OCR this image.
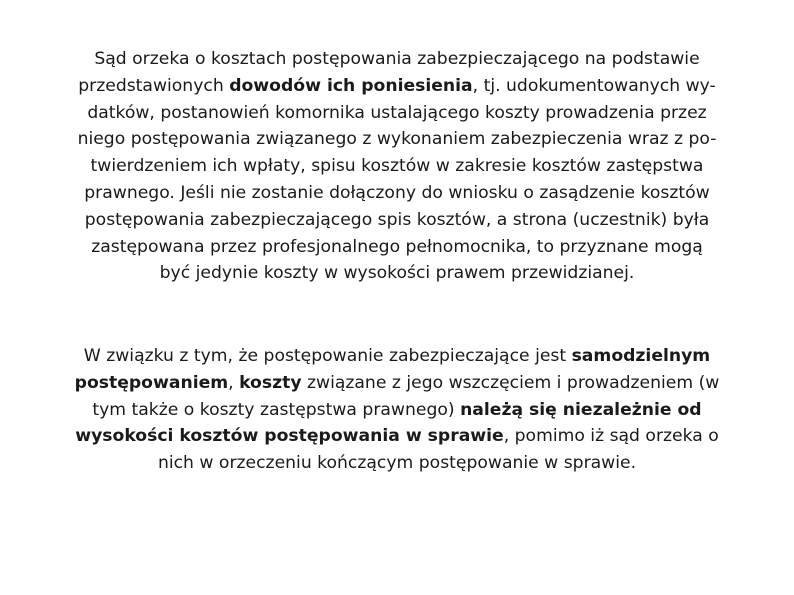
Sąd orzeka o kosztach postępowania zabezpieczającego na podstawie
przedstawionych dowodów ich poniesienia, tj. udokumentowanych wy-
datków, postanowień komornika ustalającego koszty prowadzenia przez
niego postępowania związanego z wykonaniem zabezpieczenia wraz z po-
twierdzeniem ich wpłaty, spisu kosztów w zakresie kosztów zastępstwa
prawnego. Jeśli nie zostanie dołączony do wniosku o zasądzenie kosztów
postępowania zabezpieczającego spis kosztów, a strona (uczestnik) była
zastępowana przez profesjonalnego pełnomocnika, to przyznane mogą
być jedynie koszty w wysokości prawem przewidzianej.
W związku z tym, że postępowanie zabezpieczające jest samodzielnym
postępowaniem, koszty związane z jego wszczęciem i prowadzeniem (w
tym także o koszty zastępstwa prawnego) należą się niezależnie od
wysokości kosztów postępowania w sprawie, pomimo iż sąd orzeka o
nich w orzeczeniu kończącym postępowanie w sprawie.
